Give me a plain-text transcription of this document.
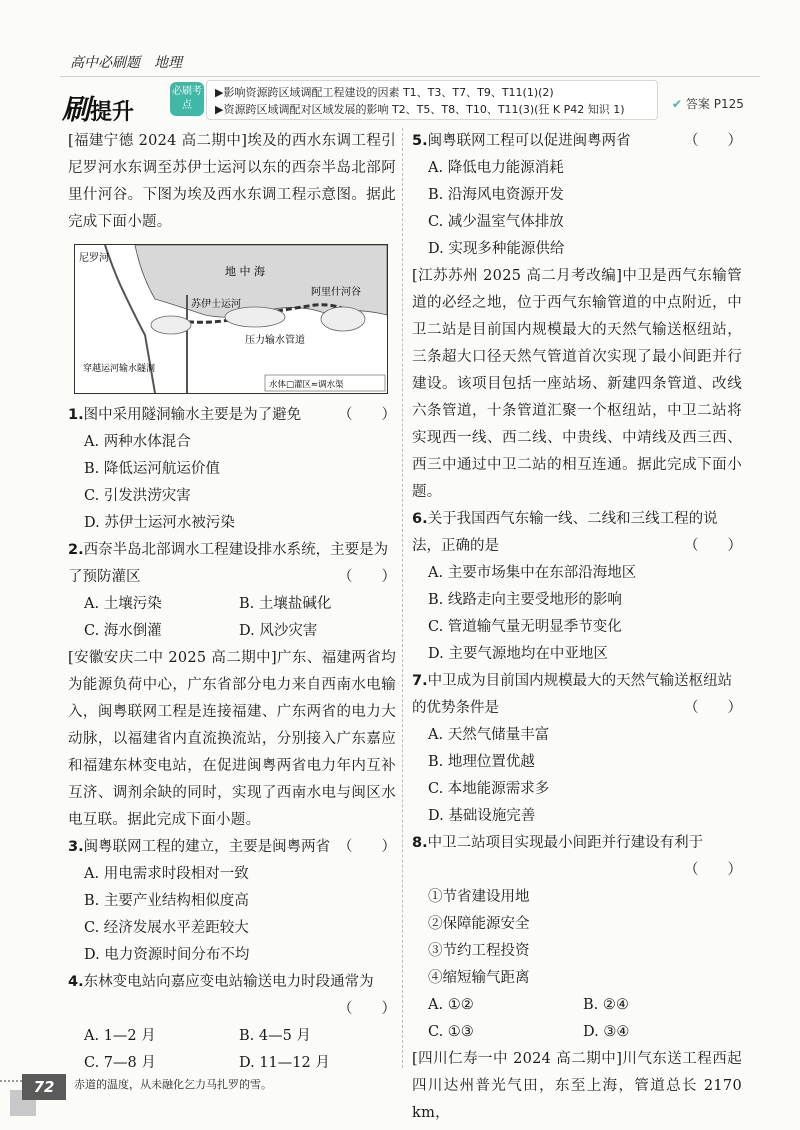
高中必刷题　地理
刷提升
必刷考点
▶影响资源跨区域调配工程建设的因素 T1、T3、T7、T9、T11(1)(2)
▶资源跨区域调配对区域发展的影响 T2、T5、T8、T10、T11(3)(狂 K P42 知识 1)	✔ 答案 P125

[福建宁德 2024 高二期中]埃及的西水东调工程引尼罗河水东调至苏伊士运河以东的西奈半岛北部阿里什河谷。下图为埃及西水东调工程示意图。据此完成下面小题。

地 中 海
尼罗河
苏伊士运河
阿里什河谷
压力输水管道
穿越运河输水隧洞
水体□灌区≈调水渠

1.图中采用隧洞输水主要是为了避免	（　　）

A. 两种水体混合

B. 降低运河航运价值

C. 引发洪涝灾害

D. 苏伊士运河水被污染

2.西奈半岛北部调水工程建设排水系统，主要是为了预防灌区	（　　）

A. 土壤污染	B. 土壤盐碱化
C. 海水倒灌	D. 风沙灾害

[安徽安庆二中 2025 高二期中]广东、福建两省均为能源负荷中心，广东省部分电力来自西南水电输入，闽粤联网工程是连接福建、广东两省的电力大动脉，以福建省内直流换流站，分别接入广东嘉应和福建东林变电站，在促进闽粤两省电力年内互补互济、调剂余缺的同时，实现了西南水电与闽区水电互联。据此完成下面小题。

3.闽粤联网工程的建立，主要是闽粤两省 （　　）

A. 用电需求时段相对一致

B. 主要产业结构相似度高

C. 经济发展水平差距较大

D. 电力资源时间分布不均

4.东林变电站向嘉应变电站输送电力时段通常为

（　　）

A. 1—2 月	B. 4—5 月
C. 7—8 月	D. 11—12 月

5.闽粤联网工程可以促进闽粤两省	（　　）

A. 降低电力能源消耗

B. 沿海风电资源开发

C. 减少温室气体排放

D. 实现多种能源供给

[江苏苏州 2025 高二月考改编]中卫是西气东输管道的必经之地，位于西气东输管道的中点附近，中卫二站是目前国内规模最大的天然气输送枢纽站，三条超大口径天然气管道首次实现了最小间距并行建设。该项目包括一座站场、新建四条管道、改线六条管道，十条管道汇聚一个枢纽站，中卫二站将实现西一线、西二线、中贵线、中靖线及西三西、西三中通过中卫二站的相互连通。据此完成下面小题。

6.关于我国西气东输一线、二线和三线工程的说法，正确的是	（　　）

A. 主要市场集中在东部沿海地区

B. 线路走向主要受地形的影响

C. 管道输气量无明显季节变化

D. 主要气源地均在中亚地区

7.中卫成为目前国内规模最大的天然气输送枢纽站的优势条件是	（　　）

A. 天然气储量丰富

B. 地理位置优越

C. 本地能源需求多

D. 基础设施完善

8.中卫二站项目实现最小间距并行建设有利于

（　　）

①节省建设用地

②保障能源安全

③节约工程投资

④缩短输气距离

A. ①②	B. ②④
C. ①③	D. ③④

[四川仁寿一中 2024 高二期中]川气东送工程西起四川达州普光气田，东至上海，管道总长 2170 km，

72	赤道的温度，从未融化乞力马扎罗的雪。
